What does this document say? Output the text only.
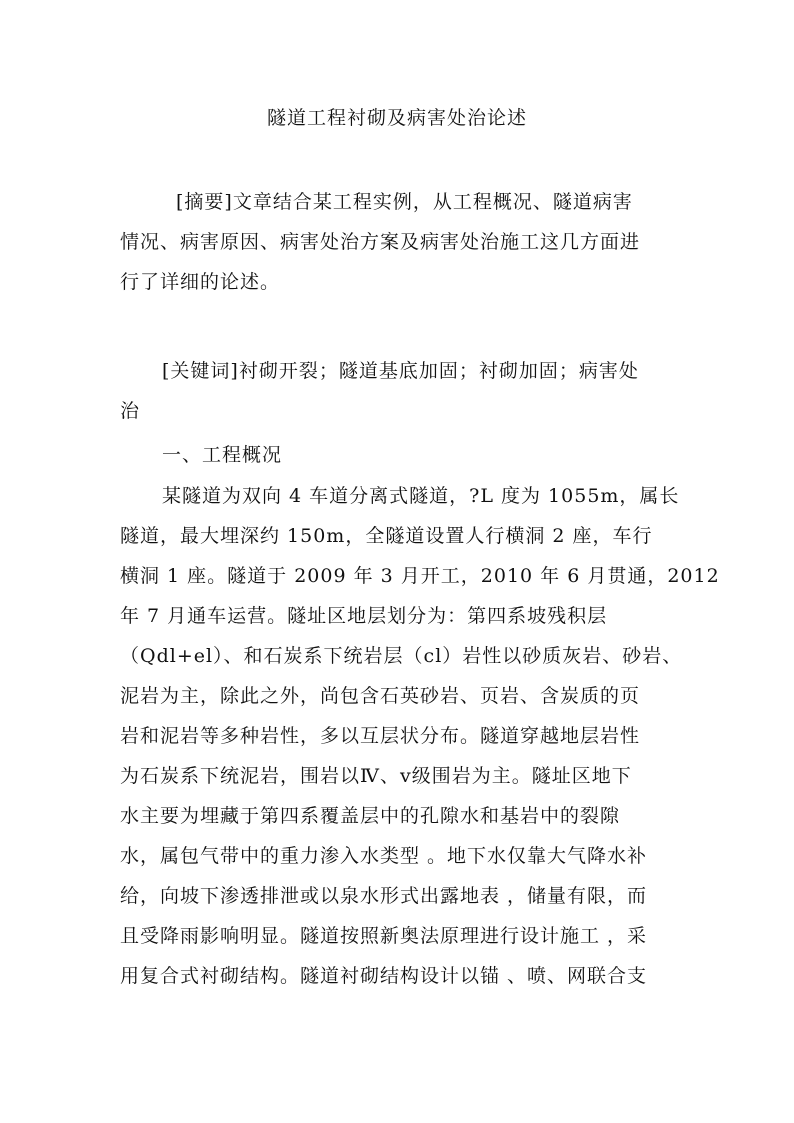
隧道工程衬砌及病害处治论述
[摘要]文章结合某工程实例，从工程概况、隧道病害
情况、病害原因、病害处治方案及病害处治施工这几方面进
行了详细的论述。
[关键词]衬砌开裂；隧道基底加固；衬砌加固；病害处
治
一、工程概况
某隧道为双向 4 车道分离式隧道，?L 度为 1055m，属长
隧道，最大埋深约 150m，全隧道设置人行横洞 2 座，车行
横洞 1 座。隧道于 2009 年 3 月开工，2010 年 6 月贯通，2012
年 7 月通车运营。隧址区地层划分为：第四系坡残积层
（Qdl+el）、和石炭系下统岩层（cl）岩性以砂质灰岩、砂岩、
泥岩为主，除此之外，尚包含石英砂岩、页岩、含炭质的页
岩和泥岩等多种岩性，多以互层状分布。隧道穿越地层岩性
为石炭系下统泥岩，围岩以Ⅳ、ⅴ级围岩为主。隧址区地下
水主要为埋藏于第四系覆盖层中的孔隙水和基岩中的裂隙
水，属包气带中的重力渗入水类型 。地下水仅靠大气降水补
给，向坡下渗透排泄或以泉水形式出露地表 ，储量有限，而
且受降雨影响明显。隧道按照新奥法原理进行设计施工 ，采
用复合式衬砌结构。隧道衬砌结构设计以锚 、喷、网联合支
